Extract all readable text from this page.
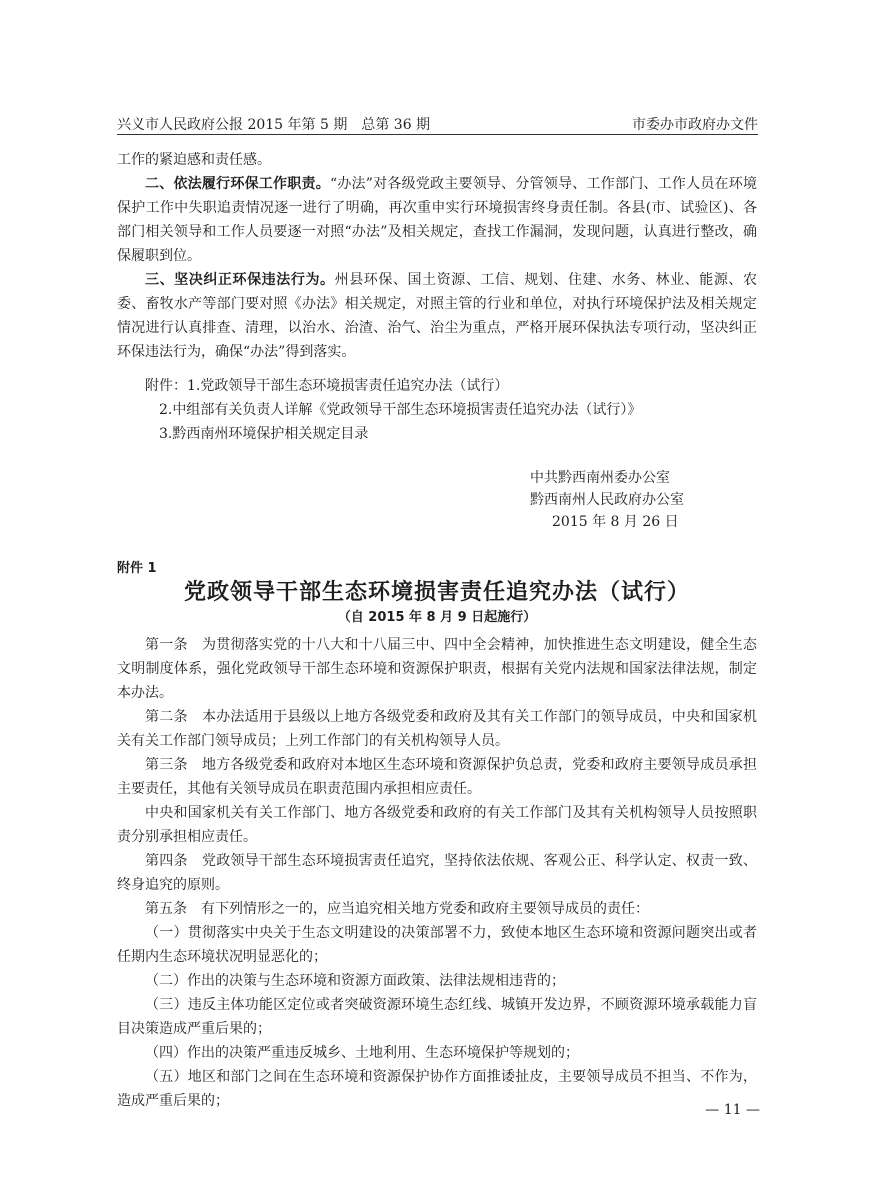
兴义市人民政府公报 2015 年第 5 期　总第 36 期	市委办市政府办文件

工作的紧迫感和责任感。

二、依法履行环保工作职责。“办法”对各级党政主要领导、分管领导、工作部门、工作人员在环境保护工作中失职追责情况逐一进行了明确，再次重申实行环境损害终身责任制。各县(市、试验区)、各部门相关领导和工作人员要逐一对照“办法”及相关规定，查找工作漏洞，发现问题，认真进行整改，确保履职到位。

三、坚决纠正环保违法行为。州县环保、国土资源、工信、规划、住建、水务、林业、能源、农委、畜牧水产等部门要对照《办法》相关规定，对照主管的行业和单位，对执行环境保护法及相关规定情况进行认真排查、清理，以治水、治渣、治气、治尘为重点，严格开展环保执法专项行动，坚决纠正环保违法行为，确保“办法”得到落实。

附件：1.党政领导干部生态环境损害责任追究办法（试行）
2.中组部有关负责人详解《党政领导干部生态环境损害责任追究办法（试行）》
3.黔西南州环境保护相关规定目录
中共黔西南州委办公室
黔西南州人民政府办公室
2015 年 8 月 26 日
附件 1
党政领导干部生态环境损害责任追究办法（试行）
（自 2015 年 8 月 9 日起施行）

第一条　为贯彻落实党的十八大和十八届三中、四中全会精神，加快推进生态文明建设，健全生态文明制度体系，强化党政领导干部生态环境和资源保护职责，根据有关党内法规和国家法律法规，制定本办法。

第二条　本办法适用于县级以上地方各级党委和政府及其有关工作部门的领导成员，中央和国家机关有关工作部门领导成员；上列工作部门的有关机构领导人员。

第三条　地方各级党委和政府对本地区生态环境和资源保护负总责，党委和政府主要领导成员承担主要责任，其他有关领导成员在职责范围内承担相应责任。

中央和国家机关有关工作部门、地方各级党委和政府的有关工作部门及其有关机构领导人员按照职责分别承担相应责任。

第四条　党政领导干部生态环境损害责任追究，坚持依法依规、客观公正、科学认定、权责一致、终身追究的原则。

第五条　有下列情形之一的，应当追究相关地方党委和政府主要领导成员的责任：

（一）贯彻落实中央关于生态文明建设的决策部署不力，致使本地区生态环境和资源问题突出或者任期内生态环境状况明显恶化的；

（二）作出的决策与生态环境和资源方面政策、法律法规相违背的；

（三）违反主体功能区定位或者突破资源环境生态红线、城镇开发边界，不顾资源环境承载能力盲目决策造成严重后果的；

（四）作出的决策严重违反城乡、土地利用、生态环境保护等规划的；

（五）地区和部门之间在生态环境和资源保护协作方面推诿扯皮，主要领导成员不担当、不作为，造成严重后果的；

— 11 —
